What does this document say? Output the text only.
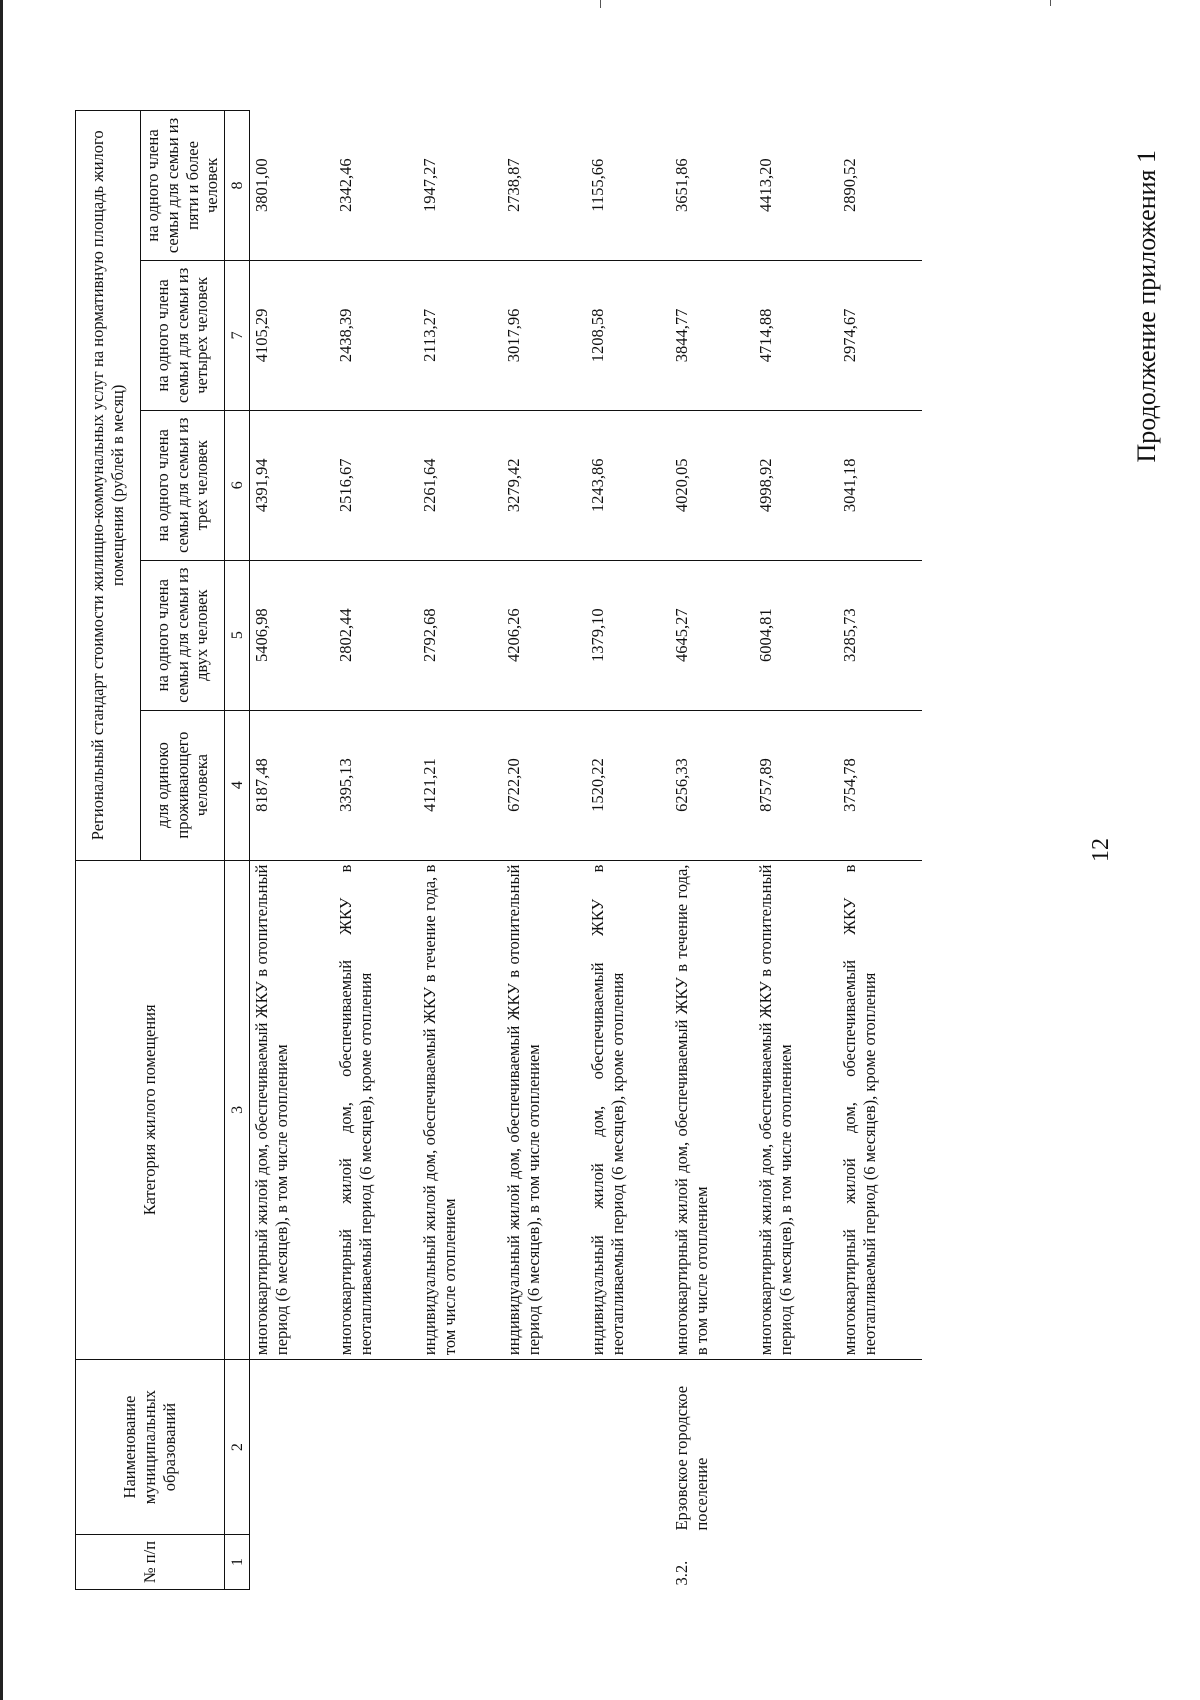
Продолжение приложения 1
12
№ п/п	Наименование муниципальных образований	Категория жилого помещения	Региональный стандарт стоимости жилищно-коммунальных услуг на нормативную площадь жилого помещения (рублей в месяц)				
			для одиноко проживающего человека	на одного члена семьи для семьи из двух человек	на одного члена семьи для семьи из трех человек	на одного члена семьи для семьи из четырех человек	на одного члена семьи для семьи из пяти и более человек
1	2	3	4	5	6	7	8
		многоквартирный жилой дом, обеспечиваемый ЖКУ в отопительный период (6 месяцев), в том числе отоплением	8187,48	5406,98	4391,94	4105,29	3801,00
		многоквартирный жилой дом, обеспечиваемый ЖКУ в неотапливаемый период (6 месяцев), кроме отопления	3395,13	2802,44	2516,67	2438,39	2342,46
		индивидуальный жилой дом, обеспечиваемый ЖКУ в течение года, в том числе отоплением	4121,21	2792,68	2261,64	2113,27	1947,27
		индивидуальный жилой дом, обеспечиваемый ЖКУ в отопительный период (6 месяцев), в том числе отоплением	6722,20	4206,26	3279,42	3017,96	2738,87
		индивидуальный жилой дом, обеспечиваемый ЖКУ в неотапливаемый период (6 месяцев), кроме отопления	1520,22	1379,10	1243,86	1208,58	1155,66
3.2.	Ерзовское городское поселение	многоквартирный жилой дом, обеспечиваемый ЖКУ в течение года, в том числе отоплением	6256,33	4645,27	4020,05	3844,77	3651,86
		многоквартирный жилой дом, обеспечиваемый ЖКУ в отопительный период (6 месяцев), в том числе отоплением	8757,89	6004,81	4998,92	4714,88	4413,20
		многоквартирный жилой дом, обеспечиваемый ЖКУ в неотапливаемый период (6 месяцев), кроме отопления	3754,78	3285,73	3041,18	2974,67	2890,52
